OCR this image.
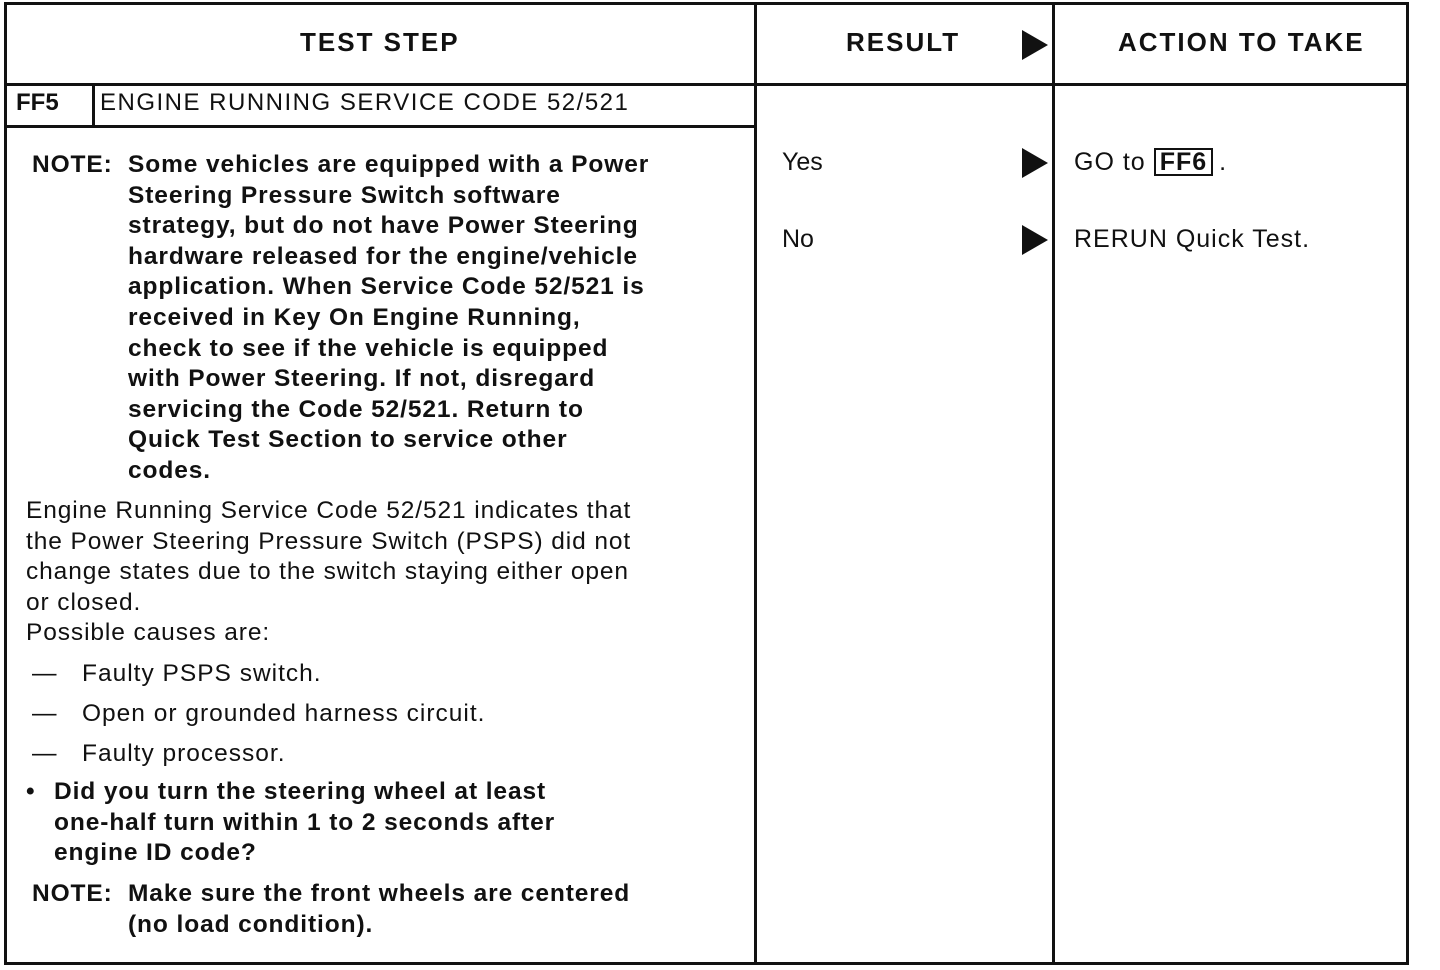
TEST STEP	RESULT	ACTION TO TAKE
FF5 ENGINE RUNNING SERVICE CODE 52/521
NOTE: Some vehicles are equipped with a Power
Steering Pressure Switch software
strategy, but do not have Power Steering
hardware released for the engine/vehicle
application. When Service Code 52/521 is
received in Key On Engine Running,
check to see if the vehicle is equipped
with Power Steering. If not, disregard
servicing the Code 52/521. Return to
Quick Test Section to service other
codes.
Engine Running Service Code 52/521 indicates that
the Power Steering Pressure Switch (PSPS) did not
change states due to the switch staying either open
or closed.
Possible causes are:
— Faulty PSPS switch.
— Open or grounded harness circuit.
— Faulty processor.
• Did you turn the steering wheel at least
one-half turn within 1 to 2 seconds after
engine ID code?
NOTE: Make sure the front wheels are centered
(no load condition).
Yes	GO to FF6 .
No	RERUN Quick Test.
